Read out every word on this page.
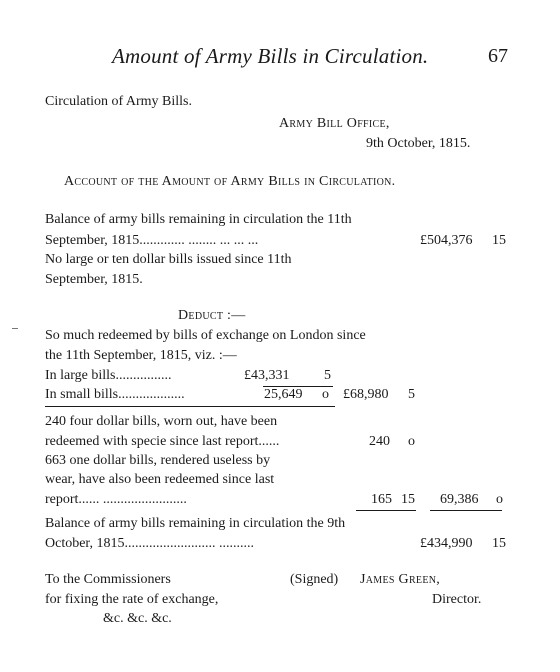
Amount of Army Bills in Circulation.	67
Circulation of Army Bills.
Army Bill Office,
9th October, 1815.
Account of the Amount of Army Bills in Circulation.
Balance of army bills remaining in circulation the 11th
September, 1815............. ........ ... ... ...	£504,376 15
No large or ten dollar bills issued since 11th
September, 1815.
Deduct :—
So much redeemed by bills of exchange on London since
the 11th September, 1815, viz. :—
In large bills................	£43,331 5
In small bills...................	25,649 o £68,980 5
240 four dollar bills, worn out, have been
redeemed with specie since last report......	240 o
663 one dollar bills, rendered useless by
wear, have also been redeemed since last
report...... ........................	165 15 69,386 o
Balance of army bills remaining in circulation the 9th
October, 1815.......................... ..........	£434,990 15
To the Commissioners
for fixing the rate of exchange,
&c. &c. &c.
(Signed) James Green,
Director.
